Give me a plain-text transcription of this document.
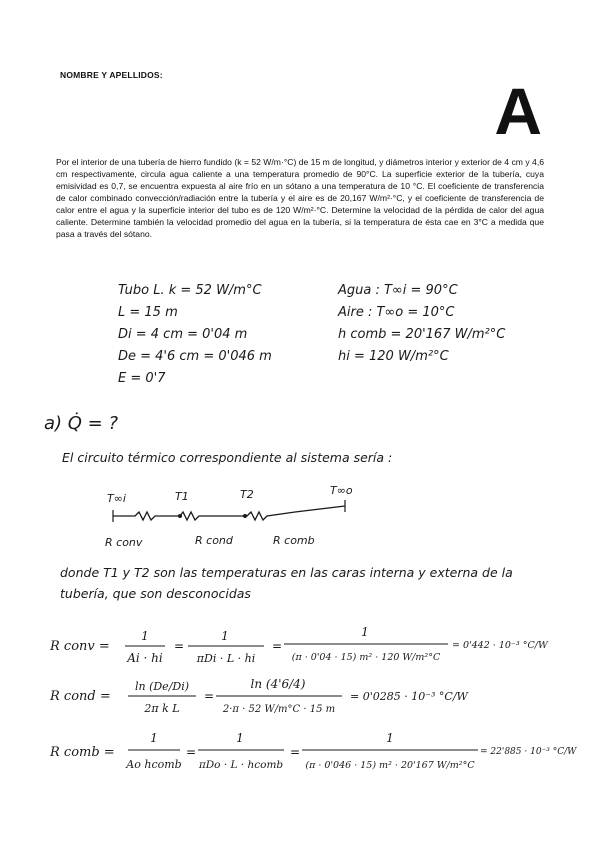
NOMBRE Y APELLIDOS:	A
Por el interior de una tubería de hierro fundido (k = 52 W/m·°C) de 15 m de longitud, y diámetros interior y exterior de 4 cm y 4,6 cm respectivamente, circula agua caliente a una temperatura promedio de 90°C. La superficie exterior de la tubería, cuya emisividad es 0,7, se encuentra expuesta al aire frío en un sótano a una temperatura de 10 °C. El coeficiente de transferencia de calor combinado convección/radiación entre la tubería y el aire es de 20,167 W/m²·°C, y el coeficiente de transferencia de calor entre el agua y la superficie interior del tubo es de 120 W/m²·°C. Determine la velocidad de la pérdida de calor del agua caliente. Determine también la velocidad promedio del agua en la tubería, si la temperatura de ésta cae en 3°C a medida que pasa a través del sótano.
Tubo L. k = 52 W/m°C
L = 15 m
Di = 4 cm = 0'04 m
De = 4'6 cm = 0'046 m
E = 0'7
Agua : T∞i = 90°C
Aire : T∞o = 10°C
h comb = 20'167 W/m²°C
hi = 120 W/m²°C
a) Q̇ = ?
El circuito térmico correspondiente al sistema sería :
T∞i	T1	T2	T∞o
R conv	R cond	R comb
donde T1 y T2 son las temperaturas en las caras interna y externa de la tubería, que son desconocidas
R conv =
1
Ai · hi
=
1
πDi · L · hi
=
1
(π · 0'04 · 15) m² · 120 W/m²°C
= 0'442 · 10⁻³ °C/W
R cond =
ln (De/Di)
2π k L
=
ln (4'6/4)
2·π · 52 W/m°C · 15 m
= 0'0285 · 10⁻³ °C/W
R comb =
1
Ao hcomb
=
1
πDo · L · hcomb
=
1
(π · 0'046 · 15) m² · 20'167 W/m²°C
= 22'885 · 10⁻³ °C/W
